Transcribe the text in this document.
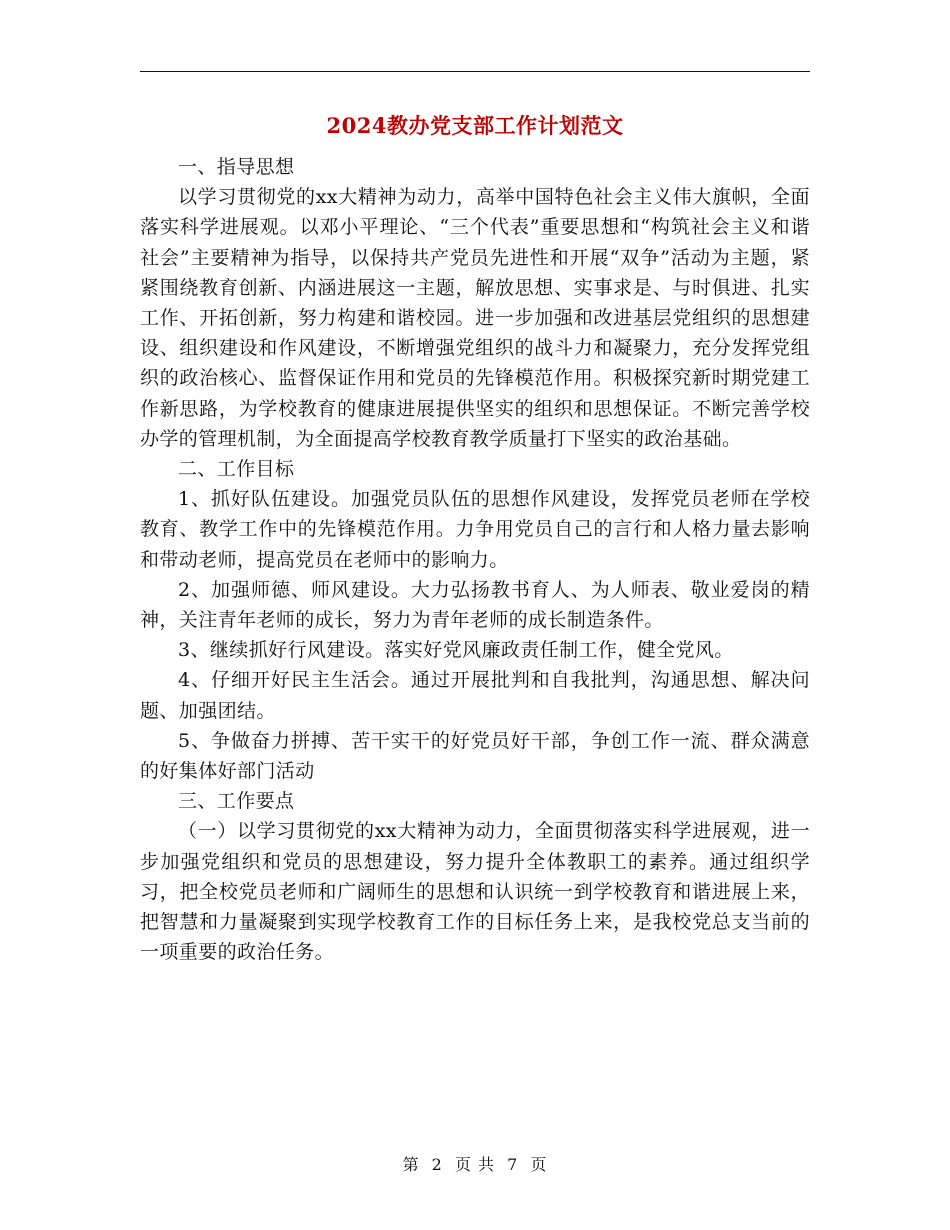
2024教办党支部工作计划范文

一、指导思想

以学习贯彻党的xx大精神为动力，高举中国特色社会主义伟大旗帜，全面落实科学进展观。以邓小平理论、“三个代表”重要思想和“构筑社会主义和谐社会”主要精神为指导，以保持共产党员先进性和开展“双争”活动为主题，紧紧围绕教育创新、内涵进展这一主题，解放思想、实事求是、与时俱进、扎实工作、开拓创新，努力构建和谐校园。进一步加强和改进基层党组织的思想建设、组织建设和作风建设，不断增强党组织的战斗力和凝聚力，充分发挥党组织的政治核心、监督保证作用和党员的先锋模范作用。积极探究新时期党建工作新思路，为学校教育的健康进展提供坚实的组织和思想保证。不断完善学校办学的管理机制，为全面提高学校教育教学质量打下坚实的政治基础。

二、工作目标

1、抓好队伍建设。加强党员队伍的思想作风建设，发挥党员老师在学校教育、教学工作中的先锋模范作用。力争用党员自己的言行和人格力量去影响和带动老师，提高党员在老师中的影响力。

2、加强师德、师风建设。大力弘扬教书育人、为人师表、敬业爱岗的精神，关注青年老师的成长，努力为青年老师的成长制造条件。

3、继续抓好行风建设。落实好党风廉政责任制工作，健全党风。

4、仔细开好民主生活会。通过开展批判和自我批判，沟通思想、解决问题、加强团结。

5、争做奋力拼搏、苦干实干的好党员好干部，争创工作一流、群众满意的好集体好部门活动

三、工作要点

（一）以学习贯彻党的xx大精神为动力，全面贯彻落实科学进展观，进一步加强党组织和党员的思想建设，努力提升全体教职工的素养。通过组织学习，把全校党员老师和广阔师生的思想和认识统一到学校教育和谐进展上来，把智慧和力量凝聚到实现学校教育工作的目标任务上来，是我校党总支当前的一项重要的政治任务。

第 2 页 共 7 页
